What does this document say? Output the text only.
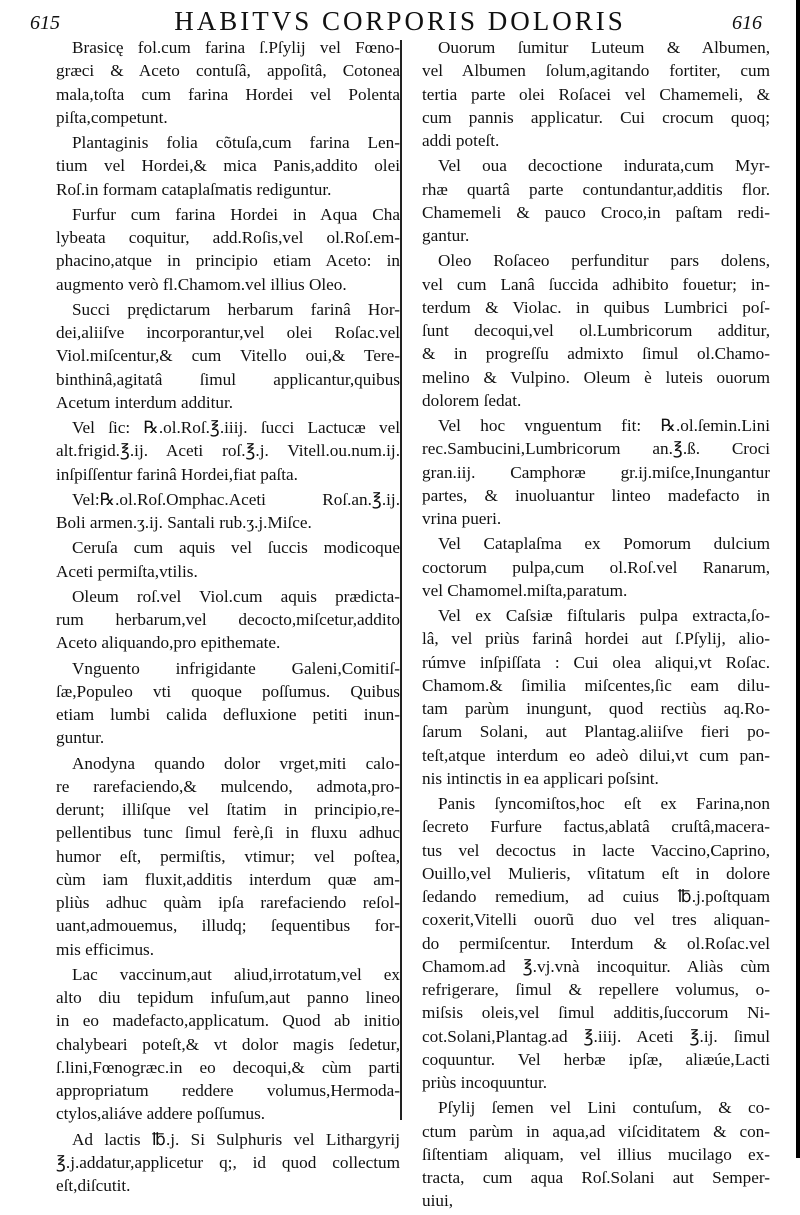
615	HABITVS CORPORIS DOLORIS	616
Brasicę fol.cum farina ſ.Pſylij vel Fœno-
græci & Aceto contuſâ, appoſitâ, Cotonea
mala,toſta cum farina Hordei vel Polenta
piſta,competunt.
Plantaginis folia cõtuſa,cum farina Len-
tium vel Hordei,& mica Panis,addito olei
Roſ.in formam cataplaſmatis rediguntur.
Furfur cum farina Hordei in Aqua Cha
lybeata coquitur, add.Roſis,vel ol.Roſ.em-
phacino,atque in principio etiam Aceto: in
augmento verò fl.Chamom.vel illius Oleo.
Succi prędictarum herbarum farinâ Hor-
dei,aliiſve incorporantur,vel olei Roſac.vel
Viol.miſcentur,& cum Vitello oui,& Tere-
binthinâ,agitatâ ſimul applicantur,quibus
Acetum interdum additur.
Vel ſic: ℞.ol.Roſ.℥.iiij. ſucci Lactucæ vel
alt.frigid.℥.ij. Aceti roſ.℥.j. Vitell.ou.num.ij.
inſpiſſentur farinâ Hordei,fiat paſta.
Vel:℞.ol.Roſ.Omphac.Aceti Roſ.an.℥.ij.
Boli armen.ʒ.ij. Santali rub.ʒ.j.Miſce.
Ceruſa cum aquis vel ſuccis modicoque
Aceti permiſta,vtilis.
Oleum roſ.vel Viol.cum aquis prædicta-
rum herbarum,vel decocto,miſcetur,addito
Aceto aliquando,pro epithemate.
Vnguento infrigidante Galeni,Comitiſ-
ſæ,Populeo vti quoque poſſumus. Quibus
etiam lumbi calida defluxione petiti inun-
guntur.
Anodyna quando dolor vrget,miti calo-
re rarefaciendo,& mulcendo, admota,pro-
derunt; illiſque vel ſtatim in principio,re-
pellentibus tunc ſimul ferè,ſi in fluxu adhuc
humor eſt, permiſtis, vtimur; vel poſtea,
cùm iam fluxit,additis interdum quæ am-
pliùs adhuc quàm ipſa rarefaciendo reſol-
uant,admouemus, illudq; ſequentibus for-
mis efficimus.
Lac vaccinum,aut aliud,irrotatum,vel ex
alto diu tepidum infuſum,aut panno lineo
in eo madefacto,applicatum. Quod ab initio
chalybeari poteſt,& vt dolor magis ſedetur,
ſ.lini,Fœnogræc.in eo decoqui,& cùm parti
appropriatum reddere volumus,Hermoda-
ctylos,aliáve addere poſſumus.
Ad lactis ℔.j. Si Sulphuris vel Lithargyrij
℥.j.addatur,applicetur q;, id quod collectum
eſt,diſcutit.
Ouorum ſumitur Luteum & Albumen,
vel Albumen ſolum,agitando fortiter, cum
tertia parte olei Roſacei vel Chamemeli, &
cum pannis applicatur. Cui crocum quoq;
addi poteſt.
Vel oua decoctione indurata,cum Myr-
rhæ quartâ parte contundantur,additis flor.
Chamemeli & pauco Croco,in paſtam redi-
gantur.
Oleo Roſaceo perfunditur pars dolens,
vel cum Lanâ ſuccida adhibito fouetur; in-
terdum & Violac. in quibus Lumbrici poſ-
ſunt decoqui,vel ol.Lumbricorum additur,
& in progreſſu admixto ſimul ol.Chamo-
melino & Vulpino. Oleum è luteis ouorum
dolorem ſedat.
Vel hoc vnguentum fit: ℞.ol.ſemin.Lini
rec.Sambucini,Lumbricorum an.℥.ß. Croci
gran.iij. Camphoræ gr.ij.miſce,Inungantur
partes, & inuoluantur linteo madefacto in
vrina pueri.
Vel Cataplaſma ex Pomorum dulcium
coctorum pulpa,cum ol.Roſ.vel Ranarum,
vel Chamomel.miſta,paratum.
Vel ex Caſsiæ fiſtularis pulpa extracta,ſo-
lâ, vel priùs farinâ hordei aut ſ.Pſylij, alio-
rúmve inſpiſſata : Cui olea aliqui,vt Roſac.
Chamom.& ſimilia miſcentes,ſic eam dilu-
tam parùm inungunt, quod rectiùs aq.Ro-
ſarum Solani, aut Plantag.aliiſve fieri po-
teſt,atque interdum eo adeò dilui,vt cum pan-
nis intinctis in ea applicari poſsint.
Panis ſyncomiſtos,hoc eſt ex Farina,non
ſecreto Furfure factus,ablatâ cruſtâ,macera-
tus vel decoctus in lacte Vaccino,Caprino,
Ouillo,vel Mulieris, vſitatum eſt in dolore
ſedando remedium, ad cuius ℔.j.poſtquam
coxerit,Vitelli ouorũ duo vel tres aliquan-
do permiſcentur. Interdum & ol.Roſac.vel
Chamom.ad ℥.vj.vnà incoquitur. Aliàs cùm
refrigerare, ſimul & repellere volumus, o-
miſsis oleis,vel ſimul additis,ſuccorum Ni-
cot.Solani,Plantag.ad ℥.iiij. Aceti ℥.ij. ſimul
coquuntur. Vel herbæ ipſæ, aliæúe,Lacti
priùs incoquuntur.
Pſylij ſemen vel Lini contuſum, & co-
ctum parùm in aqua,ad viſciditatem & con-
ſiſtentiam aliquam, vel illius mucilago ex-
tracta, cum aqua Roſ.Solani aut Semper-
uiui,
